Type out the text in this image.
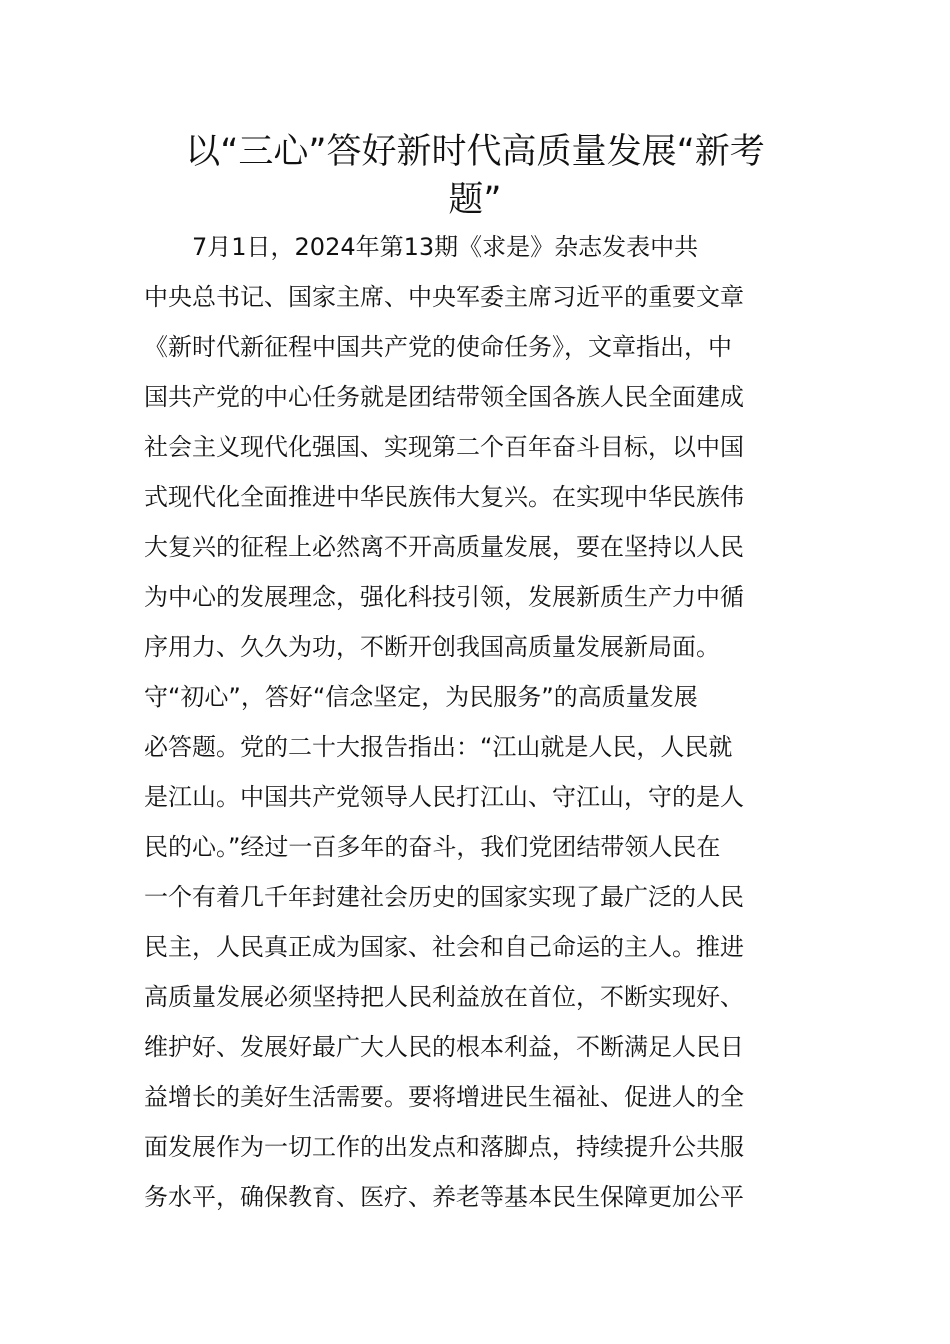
以“三心”答好新时代高质量发展“新考
题”

　　7月1日，2024年第13期《求是》杂志发表中共

中央总书记、国家主席、中央军委主席习近平的重要文章

《新时代新征程中国共产党的使命任务》，文章指出，中

国共产党的中心任务就是团结带领全国各族人民全面建成

社会主义现代化强国、实现第二个百年奋斗目标，以中国

式现代化全面推进中华民族伟大复兴。在实现中华民族伟

大复兴的征程上必然离不开高质量发展，要在坚持以人民

为中心的发展理念，强化科技引领，发展新质生产力中循

序用力、久久为功，不断开创我国高质量发展新局面。

守“初心”，答好“信念坚定，为民服务”的高质量发展

必答题。党的二十大报告指出：“江山就是人民，人民就

是江山。中国共产党领导人民打江山、守江山，守的是人

民的心。”经过一百多年的奋斗，我们党团结带领人民在

一个有着几千年封建社会历史的国家实现了最广泛的人民

民主，人民真正成为国家、社会和自己命运的主人。推进

高质量发展必须坚持把人民利益放在首位，不断实现好、

维护好、发展好最广大人民的根本利益，不断满足人民日

益增长的美好生活需要。要将增进民生福祉、促进人的全

面发展作为一切工作的出发点和落脚点，持续提升公共服

务水平，确保教育、医疗、养老等基本民生保障更加公平
